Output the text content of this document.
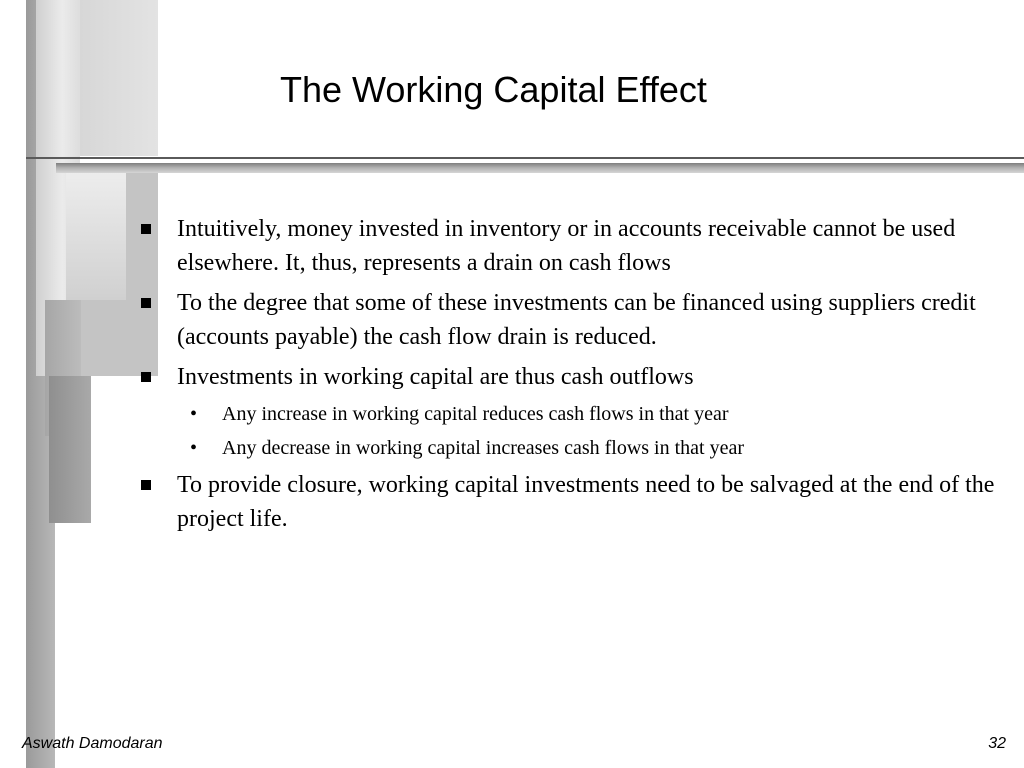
The Working Capital Effect
Intuitively, money invested in inventory or in accounts receivable cannot be used elsewhere. It, thus, represents a drain on cash flows
To the degree that some of these investments can be financed using suppliers credit (accounts payable) the cash flow drain is reduced.
Investments in working capital are thus cash outflows
• Any increase in working capital reduces cash flows in that year
• Any decrease in working capital increases cash flows in that year
To provide closure, working capital investments need to be salvaged at the end of the project life.
Aswath Damodaran	32
